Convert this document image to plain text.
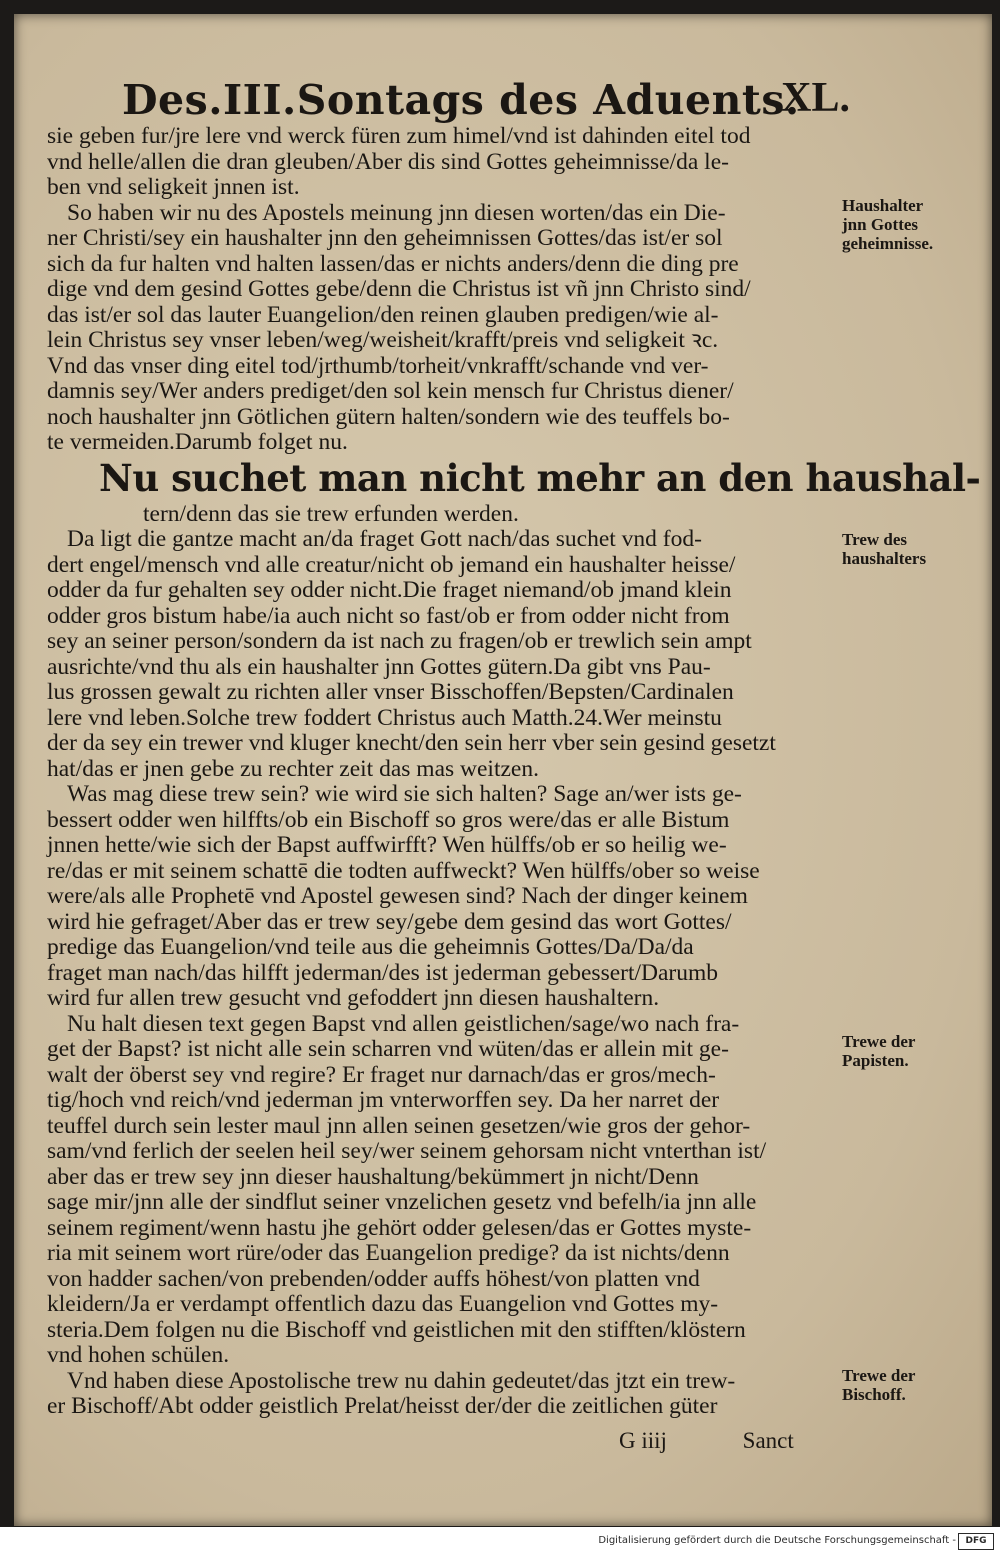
Des.III.Sontags des Aduents.
XL.
sie geben fur/jre lere vnd werck füren zum himel/vnd ist dahinden eitel tod
vnd helle/allen die dran gleuben/Aber dis sind Gottes geheimnisse/da le-
ben vnd seligkeit jnnen ist.
So haben wir nu des Apostels meinung jnn diesen worten/das ein Die-
ner Christi/sey ein haushalter jnn den geheimnissen Gottes/das ist/er sol
sich da fur halten vnd halten lassen/das er nichts anders/denn die ding pre
dige vnd dem gesind Gottes gebe/denn die Christus ist vñ jnn Christo sind/
das ist/er sol das lauter Euangelion/den reinen glauben predigen/wie al-
lein Christus sey vnser leben/weg/weisheit/krafft/preis vnd seligkeit ꝛc.
Vnd das vnser ding eitel tod/jrthumb/torheit/vnkrafft/schande vnd ver-
damnis sey/Wer anders prediget/den sol kein mensch fur Christus diener/
noch haushalter jnn Götlichen gütern halten/sondern wie des teuffels bo-
te vermeiden.Darumb folget nu.
Nu suchet man nicht mehr an den haushal-
tern/denn das sie trew erfunden werden.
Da ligt die gantze macht an/da fraget Gott nach/das suchet vnd fod-
dert engel/mensch vnd alle creatur/nicht ob jemand ein haushalter heisse/
odder da fur gehalten sey odder nicht.Die fraget niemand/ob jmand klein
odder gros bistum habe/ia auch nicht so fast/ob er from odder nicht from
sey an seiner person/sondern da ist nach zu fragen/ob er trewlich sein ampt
ausrichte/vnd thu als ein haushalter jnn Gottes gütern.Da gibt vns Pau-
lus grossen gewalt zu richten aller vnser Bisschoffen/Bepsten/Cardinalen
lere vnd leben.Solche trew foddert Christus auch Matth.24.Wer meinstu
der da sey ein trewer vnd kluger knecht/den sein herr vber sein gesind gesetzt
hat/das er jnen gebe zu rechter zeit das mas weitzen.
Was mag diese trew sein? wie wird sie sich halten? Sage an/wer ists ge-
bessert odder wen hilffts/ob ein Bischoff so gros were/das er alle Bistum
jnnen hette/wie sich der Bapst auffwirfft? Wen hülffs/ob er so heilig we-
re/das er mit seinem schattē die todten auffweckt? Wen hülffs/ober so weise
were/als alle Prophetē vnd Apostel gewesen sind? Nach der dinger keinem
wird hie gefraget/Aber das er trew sey/gebe dem gesind das wort Gottes/
predige das Euangelion/vnd teile aus die geheimnis Gottes/Da/Da/da
fraget man nach/das hilfft jederman/des ist jederman gebessert/Darumb
wird fur allen trew gesucht vnd gefoddert jnn diesen haushaltern.
Nu halt diesen text gegen Bapst vnd allen geistlichen/sage/wo nach fra-
get der Bapst? ist nicht alle sein scharren vnd wüten/das er allein mit ge-
walt der öberst sey vnd regire? Er fraget nur darnach/das er gros/mech-
tig/hoch vnd reich/vnd jederman jm vnterworffen sey. Da her narret der
teuffel durch sein lester maul jnn allen seinen gesetzen/wie gros der gehor-
sam/vnd ferlich der seelen heil sey/wer seinem gehorsam nicht vnterthan ist/
aber das er trew sey jnn dieser haushaltung/bekümmert jn nicht/Denn
sage mir/jnn alle der sindflut seiner vnzelichen gesetz vnd befelh/ia jnn alle
seinem regiment/wenn hastu jhe gehört odder gelesen/das er Gottes myste-
ria mit seinem wort rüre/oder das Euangelion predige? da ist nichts/denn
von hadder sachen/von prebenden/odder auffs höhest/von platten vnd
kleidern/Ja er verdampt offentlich dazu das Euangelion vnd Gottes my-
steria.Dem folgen nu die Bischoff vnd geistlichen mit den stifften/klöstern
vnd hohen schülen.
Vnd haben diese Apostolische trew nu dahin gedeutet/das jtzt ein trew-
er Bischoff/Abt odder geistlich Prelat/heisst der/der die zeitlichen güter
Haushalter
jnn Gottes
geheimnisse.
Trew des
haushalters
Trewe der
Papisten.
Trewe der
Bischoff.
G iiij	Sanct
Digitalisierung gefördert durch die Deutsche Forschungsgemeinschaft -	DFG
